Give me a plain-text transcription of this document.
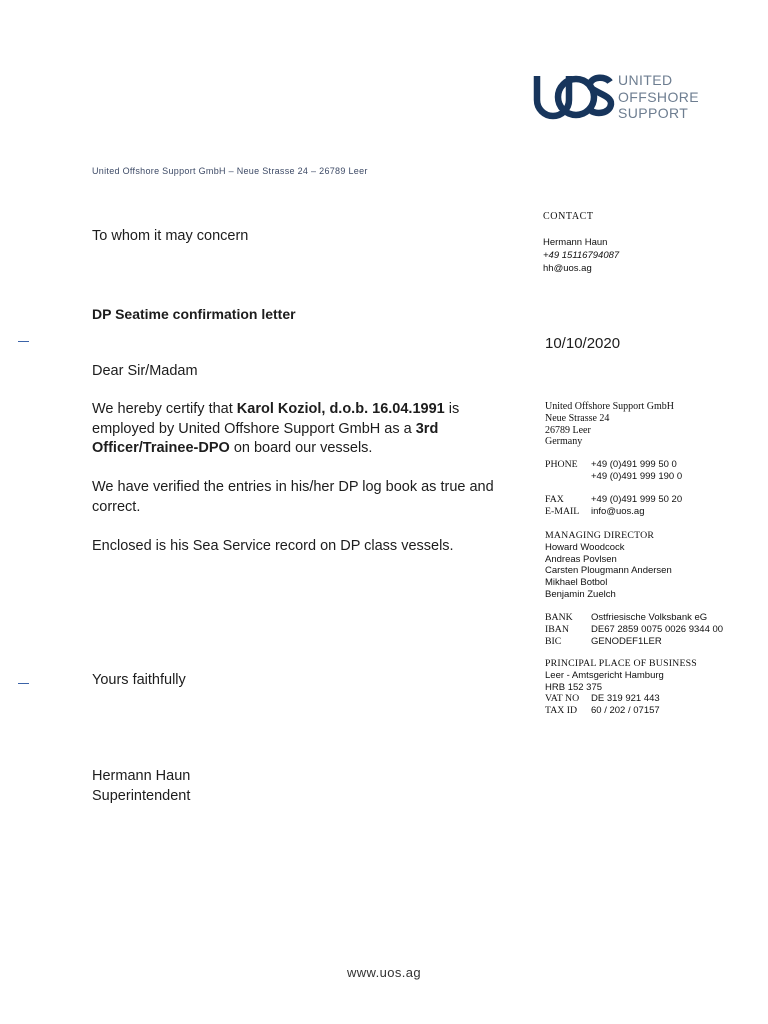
UNITED
OFFSHORE
SUPPORT
United Offshore Support GmbH – Neue Strasse 24 – 26789 Leer
To whom it may concern
DP Seatime confirmation letter
Dear Sir/Madam
We hereby certify that Karol Koziol, d.o.b. 16.04.1991 is employed by United Offshore Support GmbH as a 3rd Officer/Trainee-DPO on board our vessels.
We have verified the entries in his/her DP log book as true and correct.
Enclosed is his Sea Service record on DP class vessels.
Yours faithfully
Hermann Haun
Superintendent
CONTACT
Hermann Haun
+49 15116794087
hh@uos.ag
10/10/2020
United Offshore Support GmbH
Neue Strasse 24
26789 Leer
Germany
PHONE +49 (0)491 999 50 0
+49 (0)491 999 190 0
FAX	+49 (0)491 999 50 20
E-MAIL info@uos.ag
MANAGING DIRECTOR
Howard Woodcock
Andreas Povlsen
Carsten Plougmann Andersen
Mikhael Botbol
Benjamin Zuelch
BANK Ostfriesische Volksbank eG
IBAN DE67 2859 0075 0026 9344 00
BIC	GENODEF1LER
PRINCIPAL PLACE OF BUSINESS
Leer - Amtsgericht Hamburg
HRB 152 375
VAT NO DE 319 921 443
TAX ID 60 / 202 / 07157
www.uos.ag
